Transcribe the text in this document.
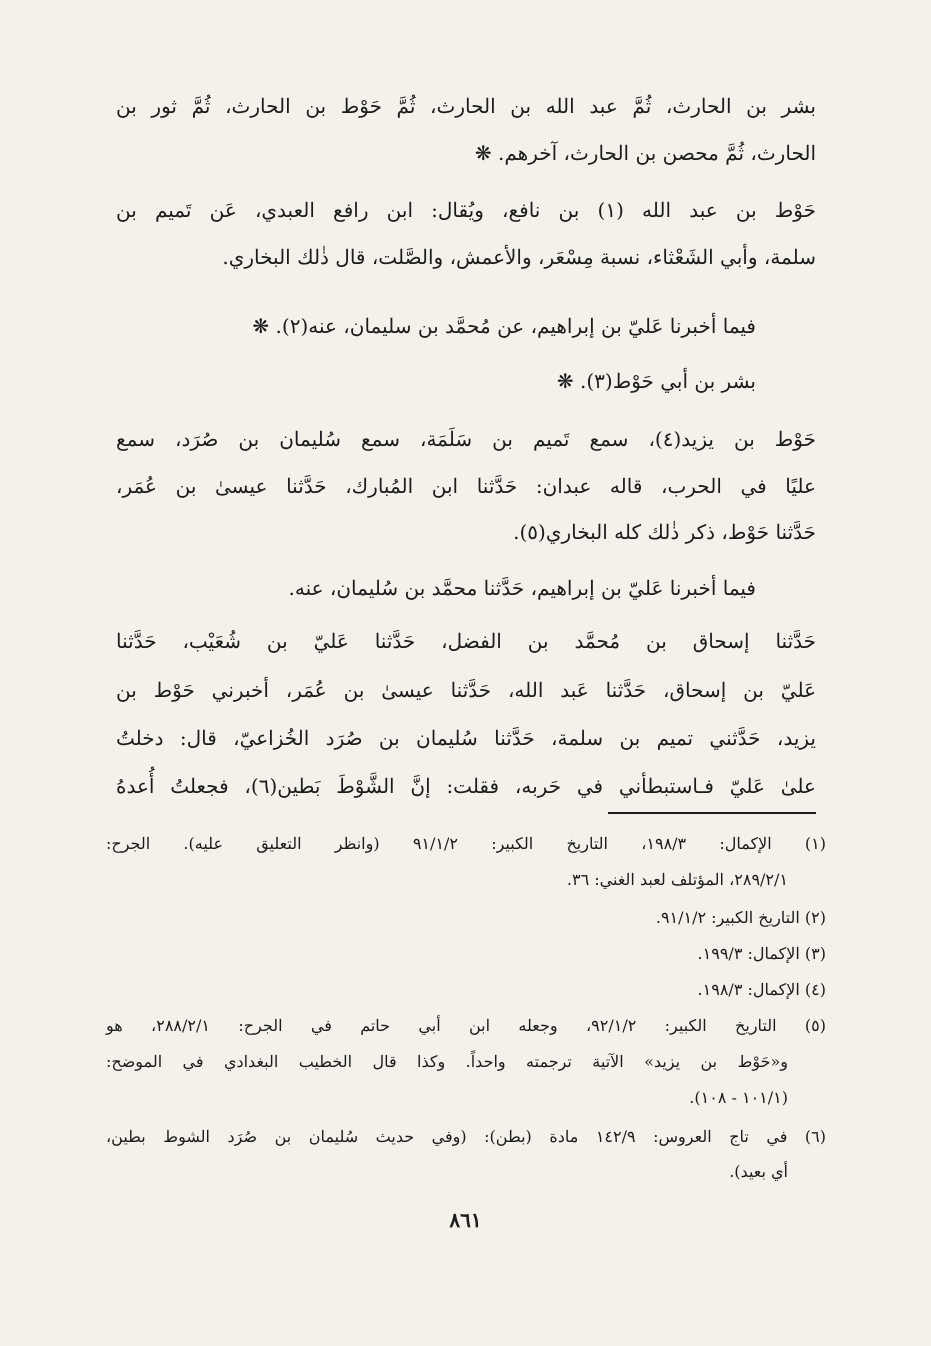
بشر بن الحارث، ثُمَّ عبد الله بن الحارث، ثُمَّ حَوْط بن الحارث، ثُمَّ ثور بن
الحارث، ثُمَّ محصن بن الحارث، آخرهم. ❋
حَوْط بن عبد الله (١) بن نافع، ويُقال: ابن رافع العبدي، عَن تَميم بن
سلمة، وأبي الشَعْثاء، نسبة مِسْعَر، والأعمش، والصَّلت، قال ذٰلك البخاري.
فيما أخبرنا عَليّ بن إبراهيم، عن مُحمَّد بن سليمان، عنه(٢). ❋
بشر بن أبي حَوْط(٣). ❋
حَوْط بن يزيد(٤)، سمع تَميم بن سَلَمَة، سمع سُليمان بن صُرَد، سمع
عليًا في الحرب، قاله عبدان: حَدَّثنا ابن المُبارك، حَدَّثنا عيسىٰ بن عُمَر،
حَدَّثنا حَوْط، ذكر ذٰلك كله البخاري(٥).
فيما أخبرنا عَليّ بن إبراهيم، حَدَّثنا محمَّد بن سُليمان، عنه.
حَدَّثنا إسحاق بن مُحمَّد بن الفضل، حَدَّثنا عَليّ بن شُعَيْب، حَدَّثنا
عَليّ بن إسحاق، حَدَّثنا عَبد الله، حَدَّثنا عيسىٰ بن عُمَر، أخبرني حَوْط بن
يزيد، حَدَّثني تميم بن سلمة، حَدَّثنا سُليمان بن صُرَد الخُزاعيّ، قال: دخلتُ
علىٰ عَليّ فـاستبطأني في حَربه، فقلت: إنَّ الشَّوْطَ بَطين(٦)، فجعلتُ أُعدهُ
(١) الإكمال: ١٩٨/٣، التاريخ الكبير: ٩١/١/٢ (وانظر التعليق عليه). الجرح:
٢٨٩/٢/١، المؤتلف لعبد الغني: ٣٦.
(٢) التاريخ الكبير: ٩١/١/٢.
(٣) الإكمال: ١٩٩/٣.
(٤) الإكمال: ١٩٨/٣.
(٥) التاريخ الكبير: ٩٢/١/٢، وجعله ابن أبي حاتم في الجرح: ٢٨٨/٢/١، هو
و«حَوْط بن يزيد» الآتية ترجمته واحداً. وكذا قال الخطيب البغدادي في الموضح:
(١٠١/١ - ١٠٨).
(٦) في تاج العروس: ١٤٢/٩ مادة (بطن): (وفي حديث سُليمان بن صُرَد الشوط بطين،
أي بعيد).
٨٦١
